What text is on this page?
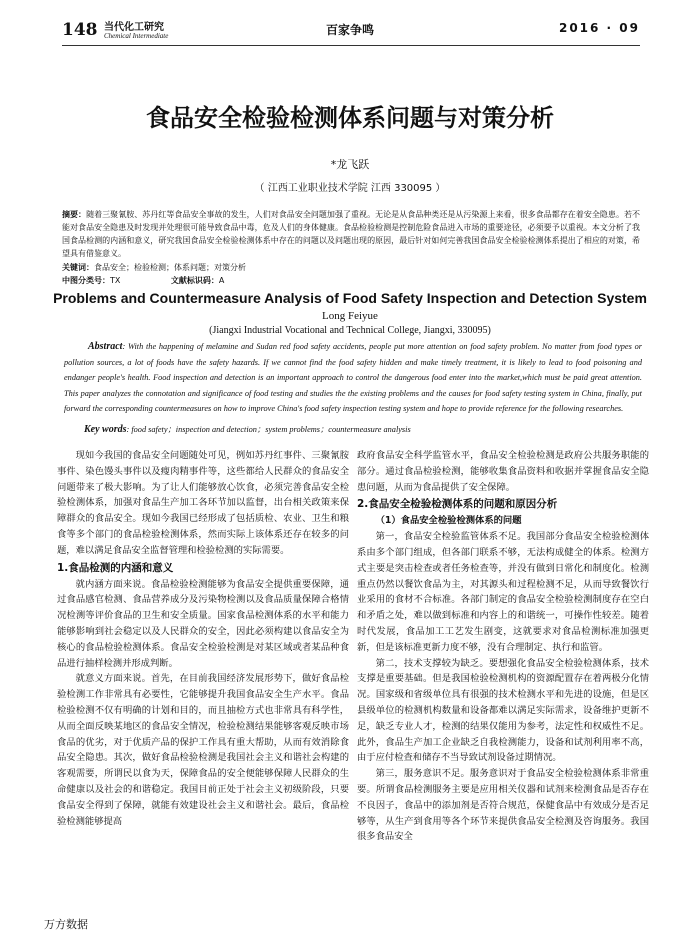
148 当代化工研究
Chemical Intermediate	百家争鸣	2016 · 09
食品安全检验检测体系问题与对策分析
*龙飞跃
（ 江西工业职业技术学院 江西 330095 ）
摘要：随着三聚氰胺、苏丹红等食品安全事故的发生，人们对食品安全问题加强了重视。无论是从食品种类还是从污染源上来看，很多食品都存在着安全隐患。若不能对食品安全隐患及时发现并处理很可能导致食品中毒，危及人们的身体健康。食品检验检测是控制危险食品进入市场的重要途径，必须要予以重视。本文分析了我国食品检测的内涵和意义，研究我国食品安全检验检测体系中存在的问题以及问题出现的原因，最后针对如何完善我国食品安全检验检测体系提出了相应的对策，希望具有借鉴意义。
关键词：食品安全；检验检测；体系问题；对策分析
中图分类号：TX	文献标识码：A
Problems and Countermeasure Analysis of Food Safety Inspection and Detection System
Long Feiyue
(Jiangxi Industrial Vocational and Technical College, Jiangxi, 330095)
Abstract: With the happening of melamine and Sudan red food safety accidents, people put more attention on food safety problem. No matter from food types or pollution sources, a lot of foods have the safety hazards. If we cannot find the food safety hidden and make timely treatment, it is likely to lead to food poisoning and endanger people's health. Food inspection and detection is an important approach to control the dangerous food enter into the market,which must be paid great attention. This paper analyzes the connotation and significance of food testing and studies the the existing problems and the causes for food safety testing system in China, finally, put forward the corresponding countermeasures on how to improve China's food safety inspection testing system and hope to provide reference for the following researches.
Key words: food safety；inspection and detection；system problems；countermeasure analysis

现如今我国的食品安全问题随处可见，例如苏丹红事件、三聚氰胺事件、染色馒头事件以及瘦肉精事件等，这些都给人民群众的食品安全问题带来了极大影响。为了让人们能够放心饮食，必须完善食品安全检验检测体系，加强对食品生产加工各环节加以监督，出台相关政策来保障群众的食品安全。现如今我国已经形成了包括质检、农业、卫生和粮食等多个部门的食品检验检测体系，然而实际上该体系还存在较多的问题，难以满足食品安全监督管理和检验检测的实际需要。

1.食品检测的内涵和意义

就内涵方面来说。食品检验检测能够为食品安全提供重要保障，通过食品感官检测、食品营养成分及污染物检测以及食品质量保障合格情况检测等评价食品的卫生和安全质量。国家食品检测体系的水平和能力能够影响到社会稳定以及人民群众的安全，因此必须构建以食品安全为核心的食品检验检测体系。食品安全检验检测是对某区域或者某品种食品进行抽样检测并形成判断。

就意义方面来说。首先，在目前我国经济发展形势下，做好食品检验检测工作非常具有必要性，它能够提升我国食品安全生产水平。食品检验检测不仅有明确的计划和目的，而且抽检方式也非常具有科学性，从而全面反映某地区的食品安全情况，检验检测结果能够客观反映市场食品的优劣，对于优质产品的保护工作具有重大帮助，从而有效消除食品安全隐患。其次，做好食品检验检测是我国社会主义和谐社会构建的客观需要，所谓民以食为天，保障食品的安全便能够保障人民群众的生命健康以及社会的和谐稳定。我国目前正处于社会主义初级阶段，只要食品安全得到了保障，就能有效建设社会主义和谐社会。最后，食品检验检测能够提高

政府食品安全科学监管水平，食品安全检验检测是政府公共服务职能的部分。通过食品检验检测，能够收集食品资料和收据并掌握食品安全隐患问题，从而为食品提供了安全保障。

2.食品安全检验检测体系的问题和原因分析
（1）食品安全检验检测体系的问题

第一，食品安全检验监管体系不足。我国部分食品安全检验检测体系由多个部门组成，但各部门联系不够，无法构成健全的体系。检测方式主要是突击检查或者任务检查等，并没有做到日常化和制度化。检测重点仍然以餐饮食品为主，对其源头和过程检测不足，从而导致餐饮行业采用的食材不合标准。各部门制定的食品安全检验检测制度存在空白和矛盾之处，难以做到标准和内容上的和谐统一，可操作性较差。随着时代发展，食品加工工艺发生剧变，这就要求对食品检测标准加强更新，但是该标准更新力度不够，没有合理制定、执行和监管。

第二，技术支撑较为缺乏。要想强化食品安全检验检测体系，技术支撑是重要基础。但是我国检验检测机构的资源配置存在着两极分化情况。国家级和省级单位具有很强的技术检测水平和先进的设施，但是区县级单位的检测机构数量和设备都难以满足实际需求，设备维护更新不足，缺乏专业人才，检测的结果仅能用为参考，法定性和权威性不足。此外，食品生产加工企业缺乏自我检测能力，设备和试剂利用率不高，由于应付检查和储存不当导致试剂设备过期情况。

第三，服务意识不足。服务意识对于食品安全检验检测体系非常重要。所谓食品检测服务主要是应用相关仪器和试剂来检测食品是否存在不良因子，食品中的添加剂是否符合规范，保健食品中有效成分是否足够等，从生产到食用等各个环节来提供食品安全检测及咨询服务。我国很多食品安全

万方数据
